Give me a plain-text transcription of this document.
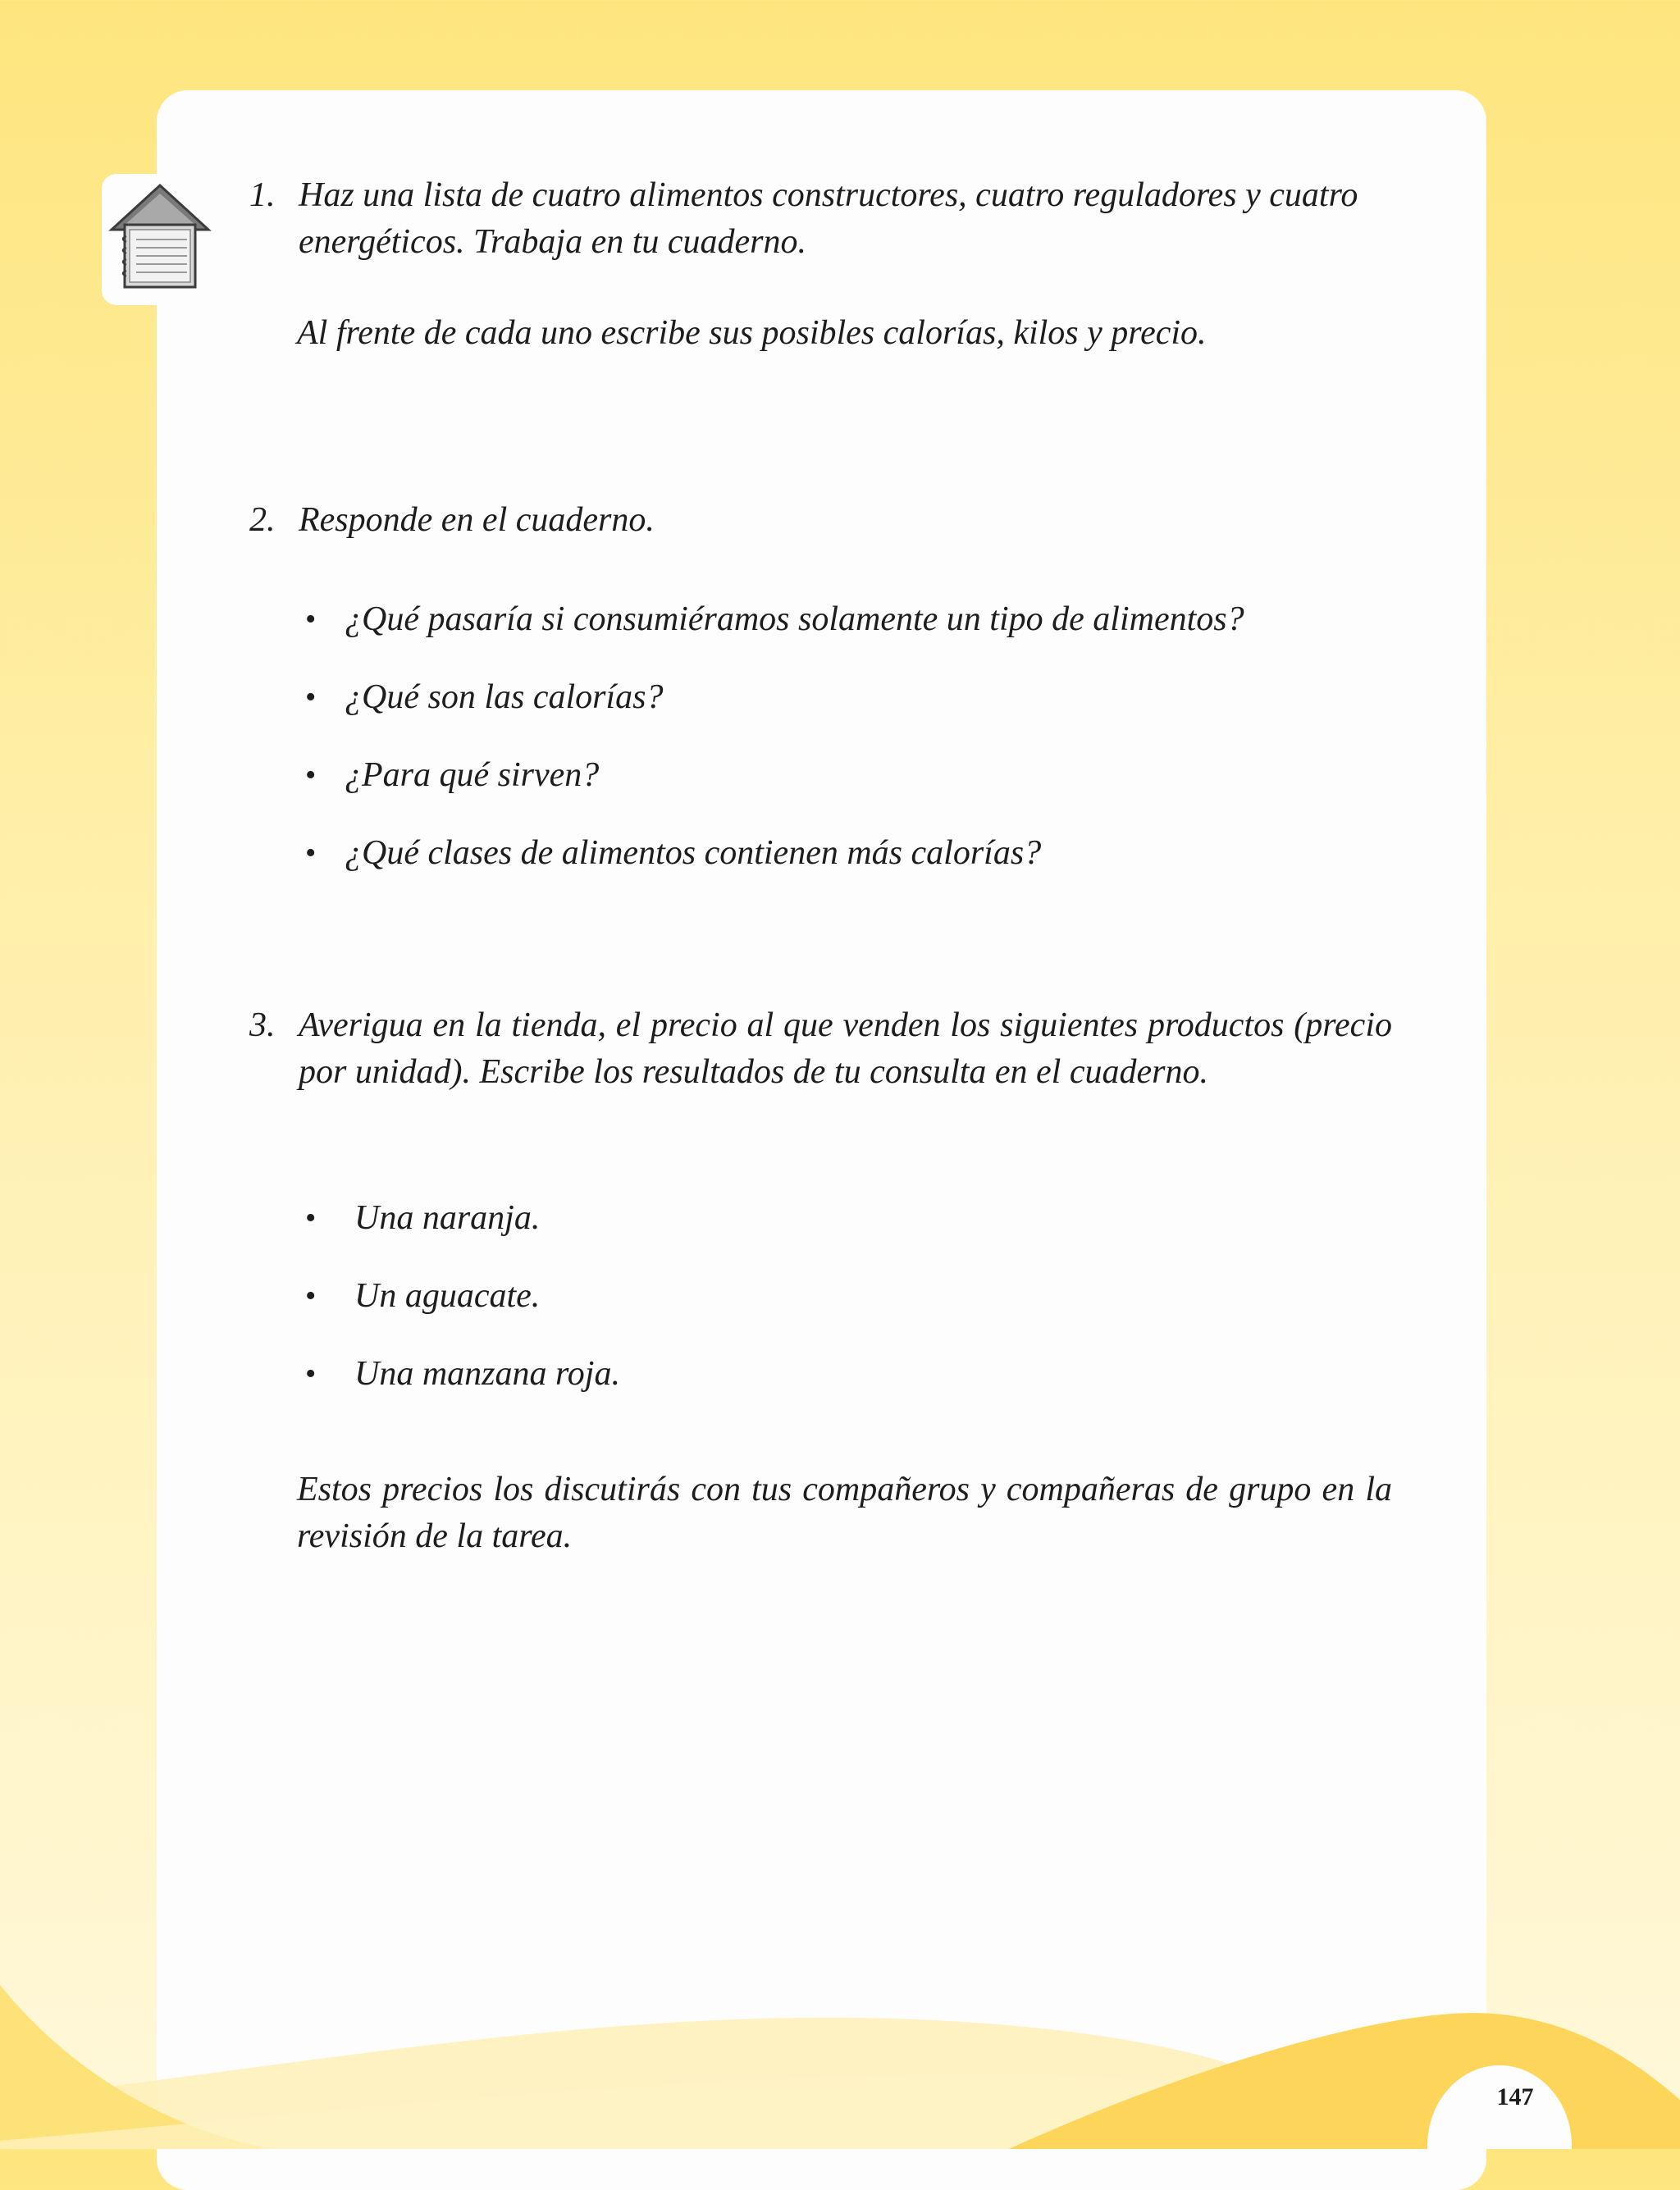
1. Haz una lista de cuatro alimentos constructores, cuatro reguladores y cuatro energéticos. Trabaja en tu cuaderno.

Al frente de cada uno escribe sus posibles calorías, kilos y precio.

2. Responde en el cuaderno.

• ¿Qué pasaría si consumiéramos solamente un tipo de alimentos?

• ¿Qué son las calorías?

• ¿Para qué sirven?

• ¿Qué clases de alimentos contienen más calorías?

3. Averigua en la tienda, el precio al que venden los siguientes productos (precio por unidad). Escribe los resultados de tu consulta en el cuaderno.

• Una naranja.

• Un aguacate.

• Una manzana roja.

Estos precios los discutirás con tus compañeros y compañeras de grupo en la revisión de la tarea.

147
